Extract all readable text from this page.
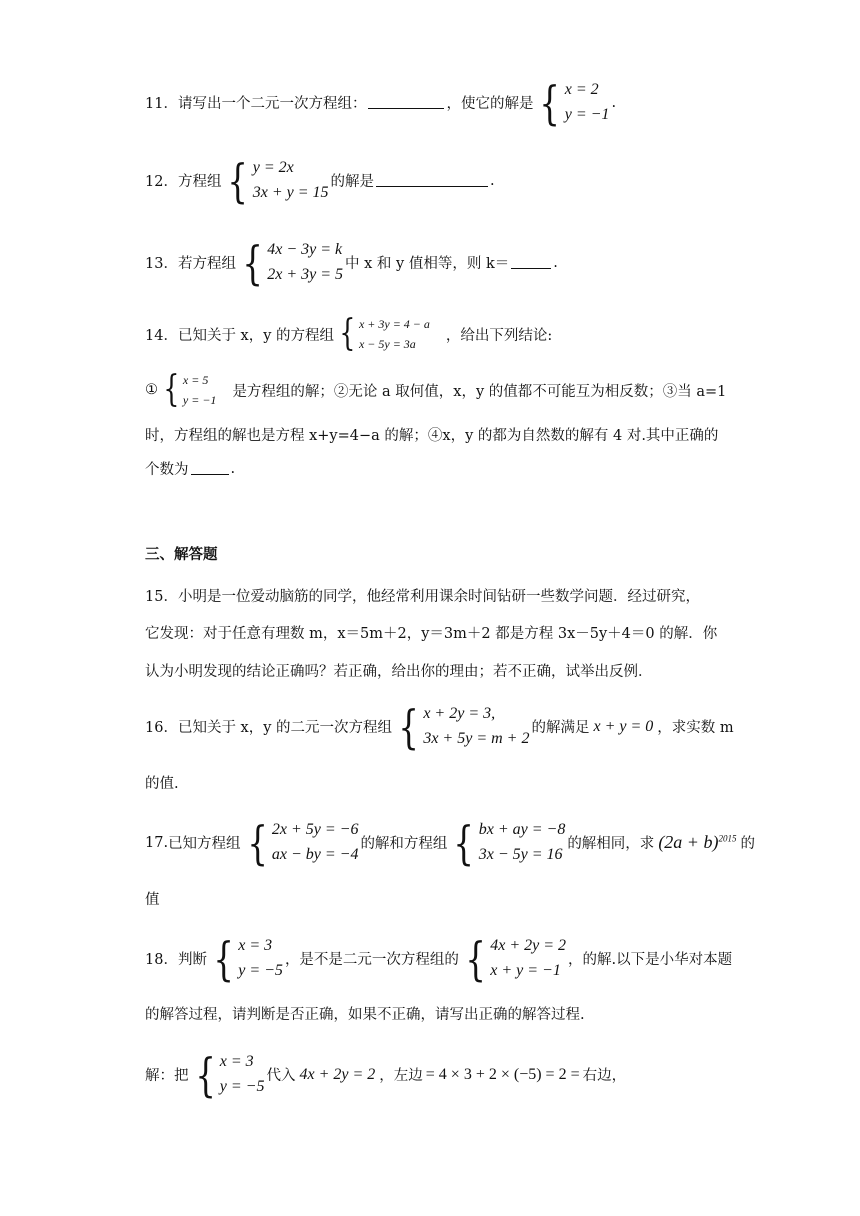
11． 请写出一个二元一次方程组：	，使它的解是 { x = 2
y = −1
.
12． 方程组 { y = 2x
3x + y = 15
的解是	.
13． 若方程组 { 4x − 3y = k
2x + 3y = 5
中 x 和 y 值相等，则 k＝	.
14． 已知关于 x，y 的方程组 { x + 3y = 4 − a
x − 5y = 3a
，给出下列结论:
① { x = 5
y = −1
是方程组的解；②无论 a 取何值，x，y 的值都不可能互为相反数；③当 a=1
时，方程组的解也是方程 x+y=4−a 的解；④x，y 的都为自然数的解有 4 对.其中正确的
个数为	.
三、解答题
15．小明是一位爱动脑筋的同学，他经常利用课余时间钻研一些数学问题．经过研究，
它发现：对于任意有理数 m，x＝5m＋2，y＝3m＋2 都是方程 3x－5y＋4＝0 的解．你
认为小明发现的结论正确吗？若正确，给出你的理由；若不正确，试举出反例．
16． 已知关于 x，y 的二元一次方程组 { x + 2y = 3,
3x + 5y = m + 2
的解满足 x + y = 0 ，求实数 m
的值.
17. 已知方程组 { 2x + 5y = −6
ax − by = −4
的解和方程组 { bx + ay = −8
3x − 5y = 16
的解相同，求 $(2a + b)^{2015}$ 的
值
18． 判断 { x = 3
y = −5
，是不是二元一次方程组的 { 4x + 2y = 2
x + y = −1
，的解.以下是小华对本题
的解答过程，请判断是否正确，如果不正确，请写出正确的解答过程.
解：把 { x = 3
y = −5
代入 4x + 2y = 2 ，左边 = 4 × 3 + 2 × (−5) = 2 = 右边，
